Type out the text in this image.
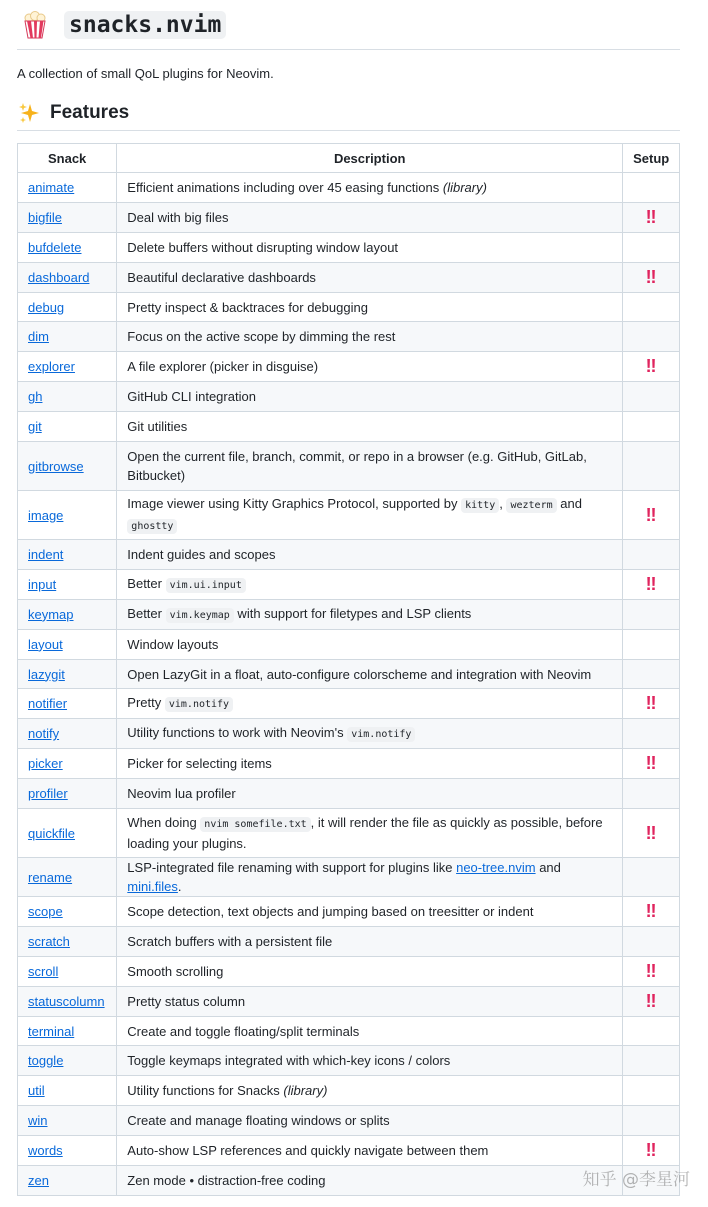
snacks.nvim

A collection of small QoL plugins for Neovim.

Features
Snack	Description	Setup
animate	Efficient animations including over 45 easing functions (library)	
bigfile	Deal with big files	‼
bufdelete	Delete buffers without disrupting window layout	
dashboard	Beautiful declarative dashboards	‼
debug	Pretty inspect & backtraces for debugging	
dim	Focus on the active scope by dimming the rest	
explorer	A file explorer (picker in disguise)	‼
gh	GitHub CLI integration	
git	Git utilities	
gitbrowse	Open the current file, branch, commit, or repo in a browser (e.g. GitHub, GitLab, Bitbucket)	
image	Image viewer using Kitty Graphics Protocol, supported by kitty , wezterm and ghostty	‼
indent	Indent guides and scopes	
input	Better vim.ui.input	‼
keymap	Better vim.keymap with support for filetypes and LSP clients	
layout	Window layouts	
lazygit	Open LazyGit in a float, auto-configure colorscheme and integration with Neovim	
notifier	Pretty vim.notify	‼
notify	Utility functions to work with Neovim's vim.notify	
picker	Picker for selecting items	‼
profiler	Neovim lua profiler	
quickfile	When doing nvim somefile.txt , it will render the file as quickly as possible, before loading your plugins.	‼
rename	LSP-integrated file renaming with support for plugins like neo-tree.nvim and mini.files.	
scope	Scope detection, text objects and jumping based on treesitter or indent	‼
scratch	Scratch buffers with a persistent file	
scroll	Smooth scrolling	‼
statuscolumn	Pretty status column	‼
terminal	Create and toggle floating/split terminals	
toggle	Toggle keymaps integrated with which-key icons / colors	
util	Utility functions for Snacks (library)	
win	Create and manage floating windows or splits	
words	Auto-show LSP references and quickly navigate between them	‼
zen	Zen mode • distraction-free coding		知乎 @李星河
